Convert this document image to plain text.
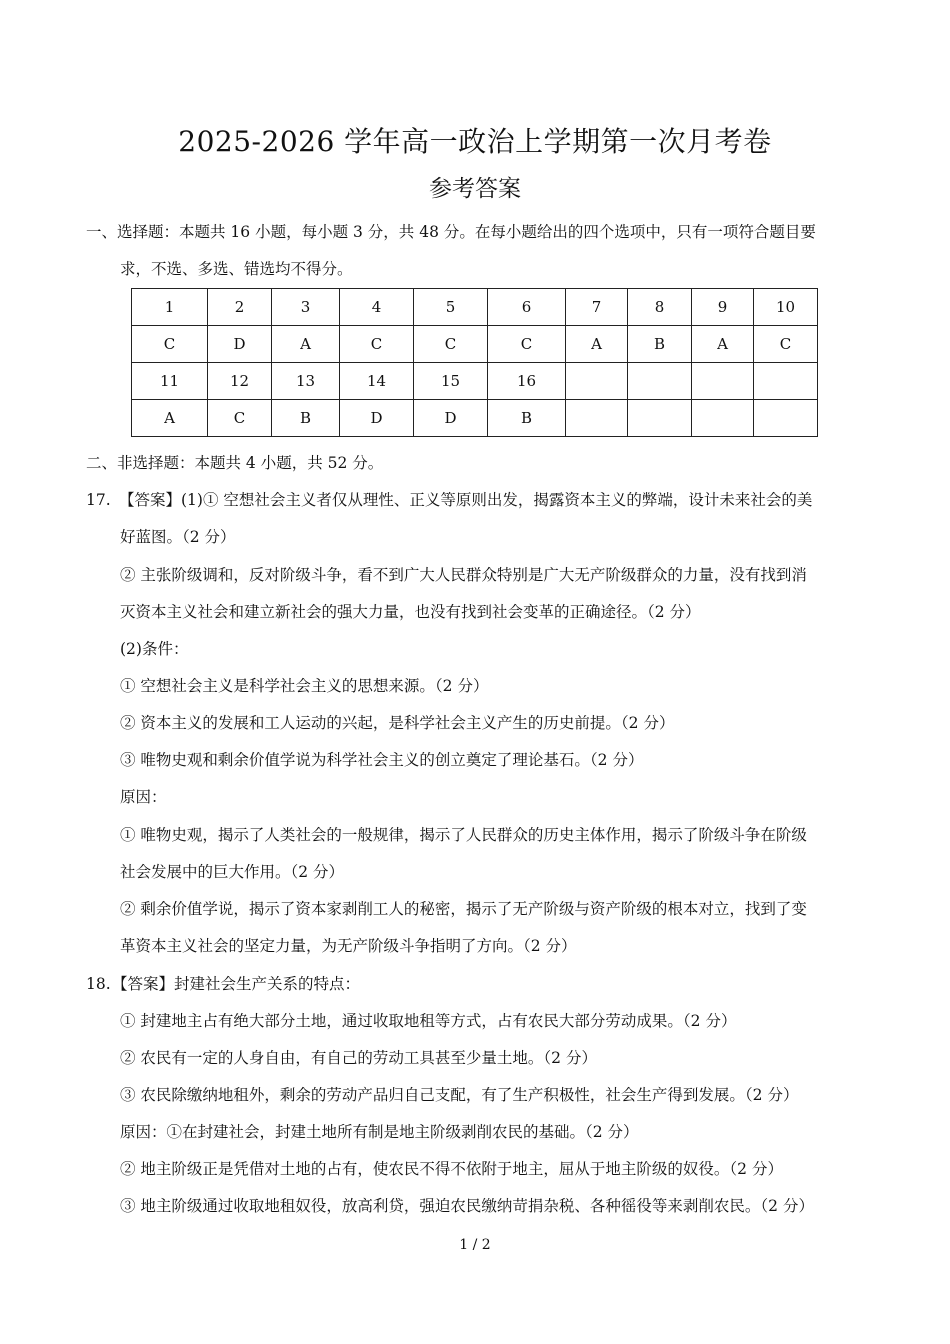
2025-2026 学年高一政治上学期第一次月考卷
参考答案
一、选择题：本题共 16 小题，每小题 3 分，共 48 分。在每小题给出的四个选项中，只有一项符合题目要
求，不选、多选、错选均不得分。
1	2	3	4	5	6	7	8	9	10
C	D	A	C	C	C	A	B	A	C
11	12	13	14	15	16				
A	C	B	D	D	B				
二、非选择题：本题共 4 小题，共 52 分。
17. 【答案】(1)① 空想社会主义者仅从理性、正义等原则出发，揭露资本主义的弊端，设计未来社会的美
好蓝图。（2 分）
② 主张阶级调和，反对阶级斗争，看不到广大人民群众特别是广大无产阶级群众的力量，没有找到消
灭资本主义社会和建立新社会的强大力量，也没有找到社会变革的正确途径。（2 分）
(2)条件：
① 空想社会主义是科学社会主义的思想来源。（2 分）
② 资本主义的发展和工人运动的兴起，是科学社会主义产生的历史前提。（2 分）
③ 唯物史观和剩余价值学说为科学社会主义的创立奠定了理论基石。（2 分）
原因：
① 唯物史观，揭示了人类社会的一般规律，揭示了人民群众的历史主体作用，揭示了阶级斗争在阶级
社会发展中的巨大作用。（2 分）
② 剩余价值学说，揭示了资本家剥削工人的秘密，揭示了无产阶级与资产阶级的根本对立，找到了变
革资本主义社会的坚定力量，为无产阶级斗争指明了方向。（2 分）
18. 【答案】封建社会生产关系的特点：
① 封建地主占有绝大部分土地，通过收取地租等方式，占有农民大部分劳动成果。（2 分）
② 农民有一定的人身自由，有自己的劳动工具甚至少量土地。（2 分）
③ 农民除缴纳地租外，剩余的劳动产品归自己支配，有了生产积极性，社会生产得到发展。（2 分）
原因：①在封建社会，封建土地所有制是地主阶级剥削农民的基础。（2 分）
② 地主阶级正是凭借对土地的占有，使农民不得不依附于地主，屈从于地主阶级的奴役。（2 分）
③ 地主阶级通过收取地租奴役，放高利贷，强迫农民缴纳苛捐杂税、各种徭役等来剥削农民。（2 分）
1 / 2
